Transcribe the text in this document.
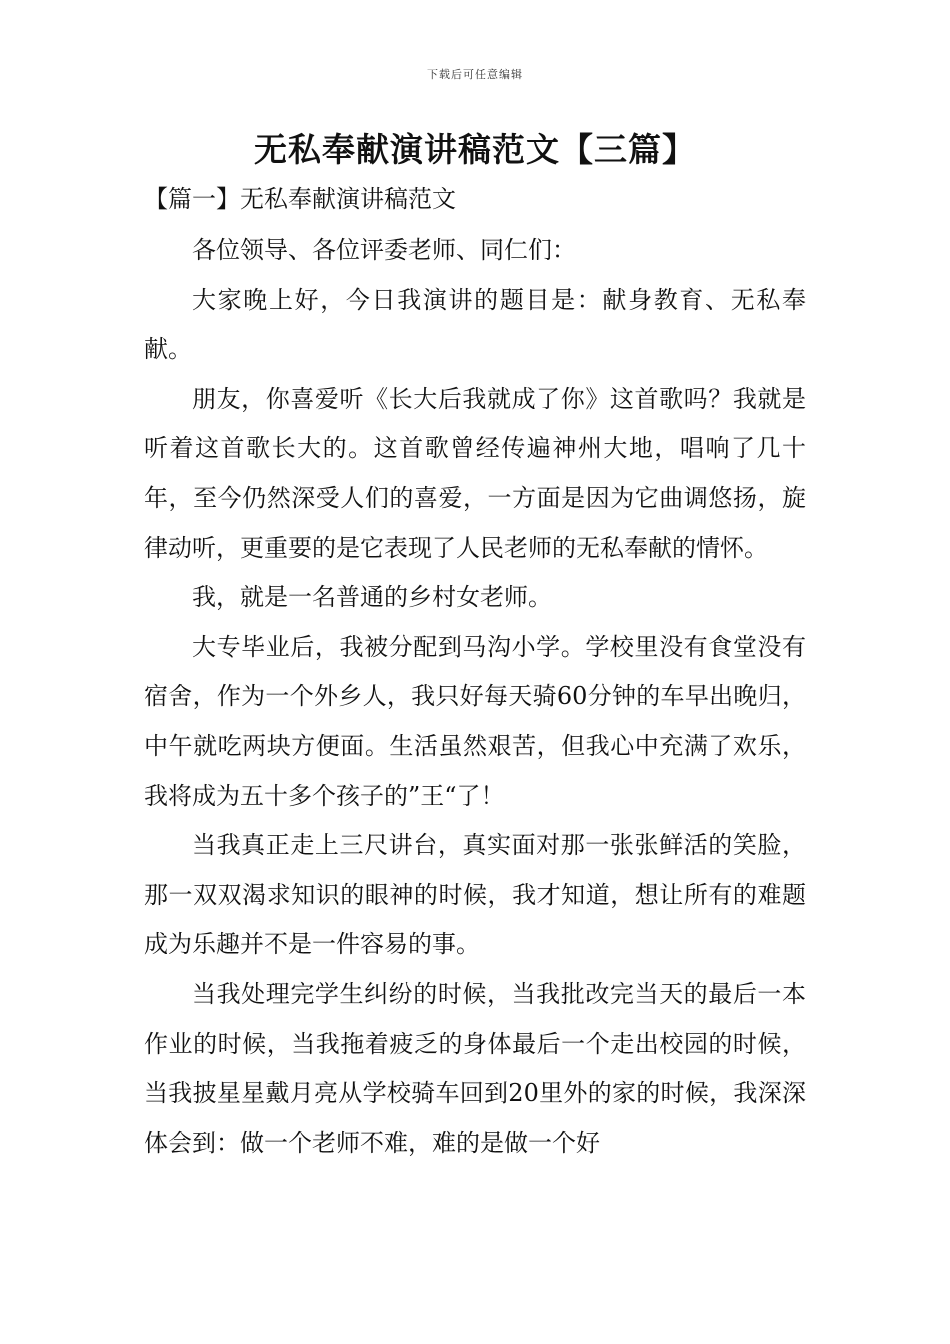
下载后可任意编辑
无私奉献演讲稿范文【三篇】
【篇一】无私奉献演讲稿范文

各位领导、各位评委老师、同仁们：

大家晚上好，今日我演讲的题目是：献身教育、无私奉献。

朋友，你喜爱听《长大后我就成了你》这首歌吗？我就是听着这首歌长大的。这首歌曾经传遍神州大地，唱响了几十年，至今仍然深受人们的喜爱，一方面是因为它曲调悠扬，旋律动听，更重要的是它表现了人民老师的无私奉献的情怀。

我，就是一名普通的乡村女老师。

大专毕业后，我被分配到马沟小学。学校里没有食堂没有宿舍，作为一个外乡人，我只好每天骑60分钟的车早出晚归，中午就吃两块方便面。生活虽然艰苦，但我心中充满了欢乐，我将成为五十多个孩子的”王“了！

当我真正走上三尺讲台，真实面对那一张张鲜活的笑脸，那一双双渴求知识的眼神的时候，我才知道，想让所有的难题成为乐趣并不是一件容易的事。

当我处理完学生纠纷的时候，当我批改完当天的最后一本作业的时候，当我拖着疲乏的身体最后一个走出校园的时候，当我披星星戴月亮从学校骑车回到20里外的家的时候，我深深体会到：做一个老师不难，难的是做一个好
